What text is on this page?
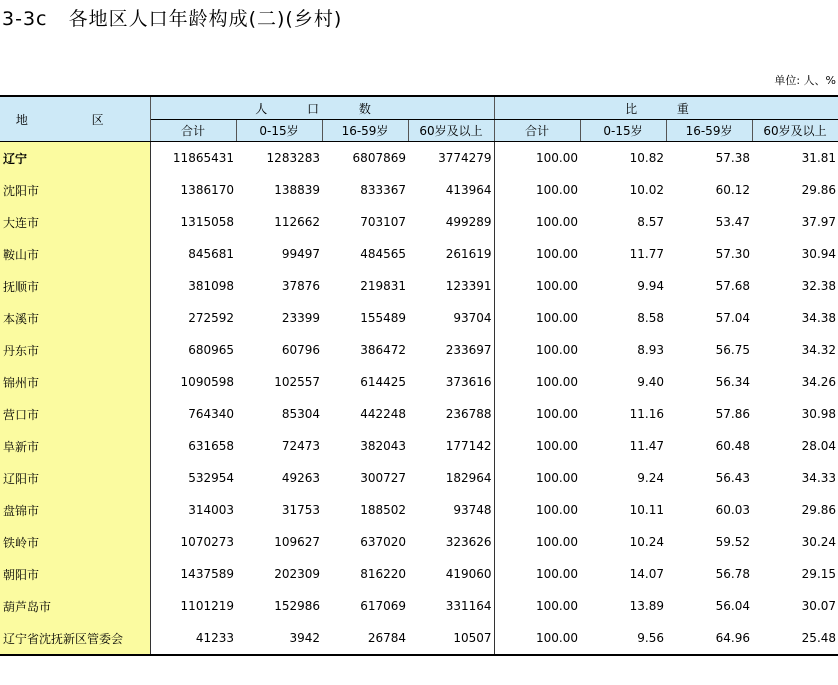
3-3c   各地区人口年龄构成(二)(乡村)
单位: 人、%
地 区	人 口 数				比 重			
	合计	0-15岁	16-59岁	60岁及以上	合计	0-15岁	16-59岁	60岁及以上
辽宁	11865431	1283283	6807869	3774279	100.00	10.82	57.38	31.81
沈阳市	1386170	138839	833367	413964	100.00	10.02	60.12	29.86
大连市	1315058	112662	703107	499289	100.00	8.57	53.47	37.97
鞍山市	845681	99497	484565	261619	100.00	11.77	57.30	30.94
抚顺市	381098	37876	219831	123391	100.00	9.94	57.68	32.38
本溪市	272592	23399	155489	93704	100.00	8.58	57.04	34.38
丹东市	680965	60796	386472	233697	100.00	8.93	56.75	34.32
锦州市	1090598	102557	614425	373616	100.00	9.40	56.34	34.26
营口市	764340	85304	442248	236788	100.00	11.16	57.86	30.98
阜新市	631658	72473	382043	177142	100.00	11.47	60.48	28.04
辽阳市	532954	49263	300727	182964	100.00	9.24	56.43	34.33
盘锦市	314003	31753	188502	93748	100.00	10.11	60.03	29.86
铁岭市	1070273	109627	637020	323626	100.00	10.24	59.52	30.24
朝阳市	1437589	202309	816220	419060	100.00	14.07	56.78	29.15
葫芦岛市	1101219	152986	617069	331164	100.00	13.89	56.04	30.07
辽宁省沈抚新区管委会	41233	3942	26784	10507	100.00	9.56	64.96	25.48
